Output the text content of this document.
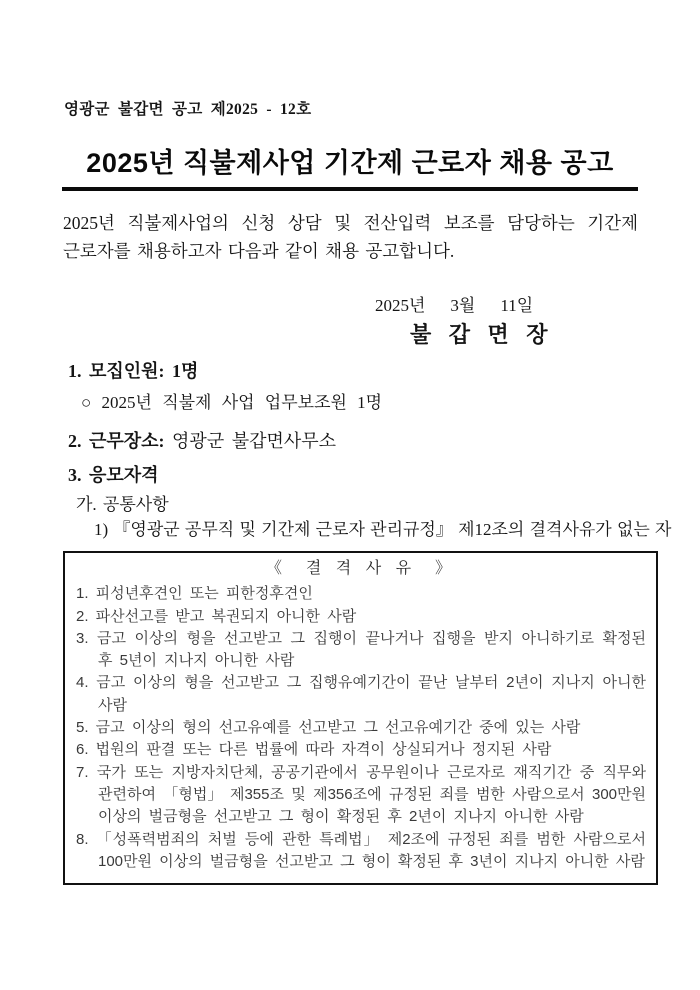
영광군 불갑면 공고 제2025 - 12호
2025년 직불제사업 기간제 근로자 채용 공고
2025년 직불제사업의 신청 상담 및 전산입력 보조를 담당하는 기간제
근로자를 채용하고자 다음과 같이 채용 공고합니다.
2025년    3월    11일
불 갑 면 장
1. 모집인원: 1명
○ 2025년 직불제 사업 업무보조원 1명
2. 근무장소: 영광군 불갑면사무소
3. 응모자격
가. 공통사항
1) 『영광군 공무직 및 기간제 근로자 관리규정』 제12조의 결격사유가 없는 자
《  결 격 사 유  》
1. 피성년후견인 또는 피한정후견인
2. 파산선고를 받고 복권되지 아니한 사람
3. 금고 이상의 형을 선고받고 그 집행이 끝나거나 집행을 받지 아니하기로 확정된 후 5년이 지나지 아니한 사람
4. 금고 이상의 형을 선고받고 그 집행유예기간이 끝난 날부터 2년이 지나지 아니한 사람
5. 금고 이상의 형의 선고유예를 선고받고 그 선고유예기간 중에 있는 사람
6. 법원의 판결 또는 다른 법률에 따라 자격이 상실되거나 정지된 사람
7. 국가 또는 지방자치단체, 공공기관에서 공무원이나 근로자로 재직기간 중 직무와 관련하여 「형법」 제355조 및 제356조에 규정된 죄를 범한 사람으로서 300만원 이상의 벌금형을 선고받고 그 형이 확정된 후 2년이 지나지 아니한 사람
8. 「성폭력범죄의 처벌 등에 관한 특례법」 제2조에 규정된 죄를 범한 사람으로서 100만원 이상의 벌금형을 선고받고 그 형이 확정된 후 3년이 지나지 아니한 사람
